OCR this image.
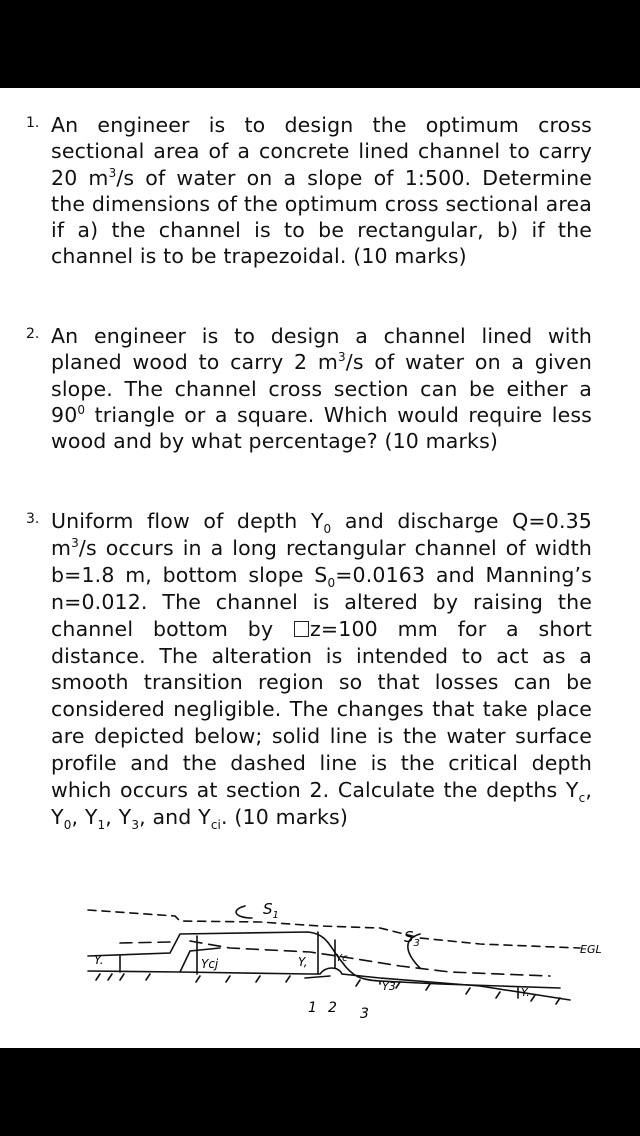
1. An engineer is to design the optimum cross sectional area of a concrete lined channel to carry 20 $m^3/s$ of water on a slope of 1:500. Determine the dimensions of the optimum cross sectional area if a) the channel is to be rectangular, b) if the channel is to be trapezoidal. (10 marks)
2. An engineer is to design a channel lined with planed wood to carry 2 $m^3/s$ of water on a given slope. The channel cross section can be either a $90^0$ triangle or a square. Which would require less wood and by what percentage? (10 marks)
3. Uniform flow of depth $Y_0$ and discharge Q=0.35 $m^3/s$ occurs in a long rectangular channel of width b=1.8 m, bottom slope $S_0=0.0163$ and Manning’s n=0.012. The channel is altered by raising the channel bottom by z=100 mm for a short distance. The alteration is intended to act as a smooth transition region so that losses can be considered negligible. The changes that take place are depicted below; solid line is the water surface profile and the dashed line is the critical depth which occurs at section 2. Calculate the depths $Y_c$, $Y_0$, $Y_1$, $Y_3$, and $Y_{ci}$. (10 marks)
$S_1$
$S_3$	EGL
Y.	Ycj	Y,	Yc
Y3	Y.
1 2 3
